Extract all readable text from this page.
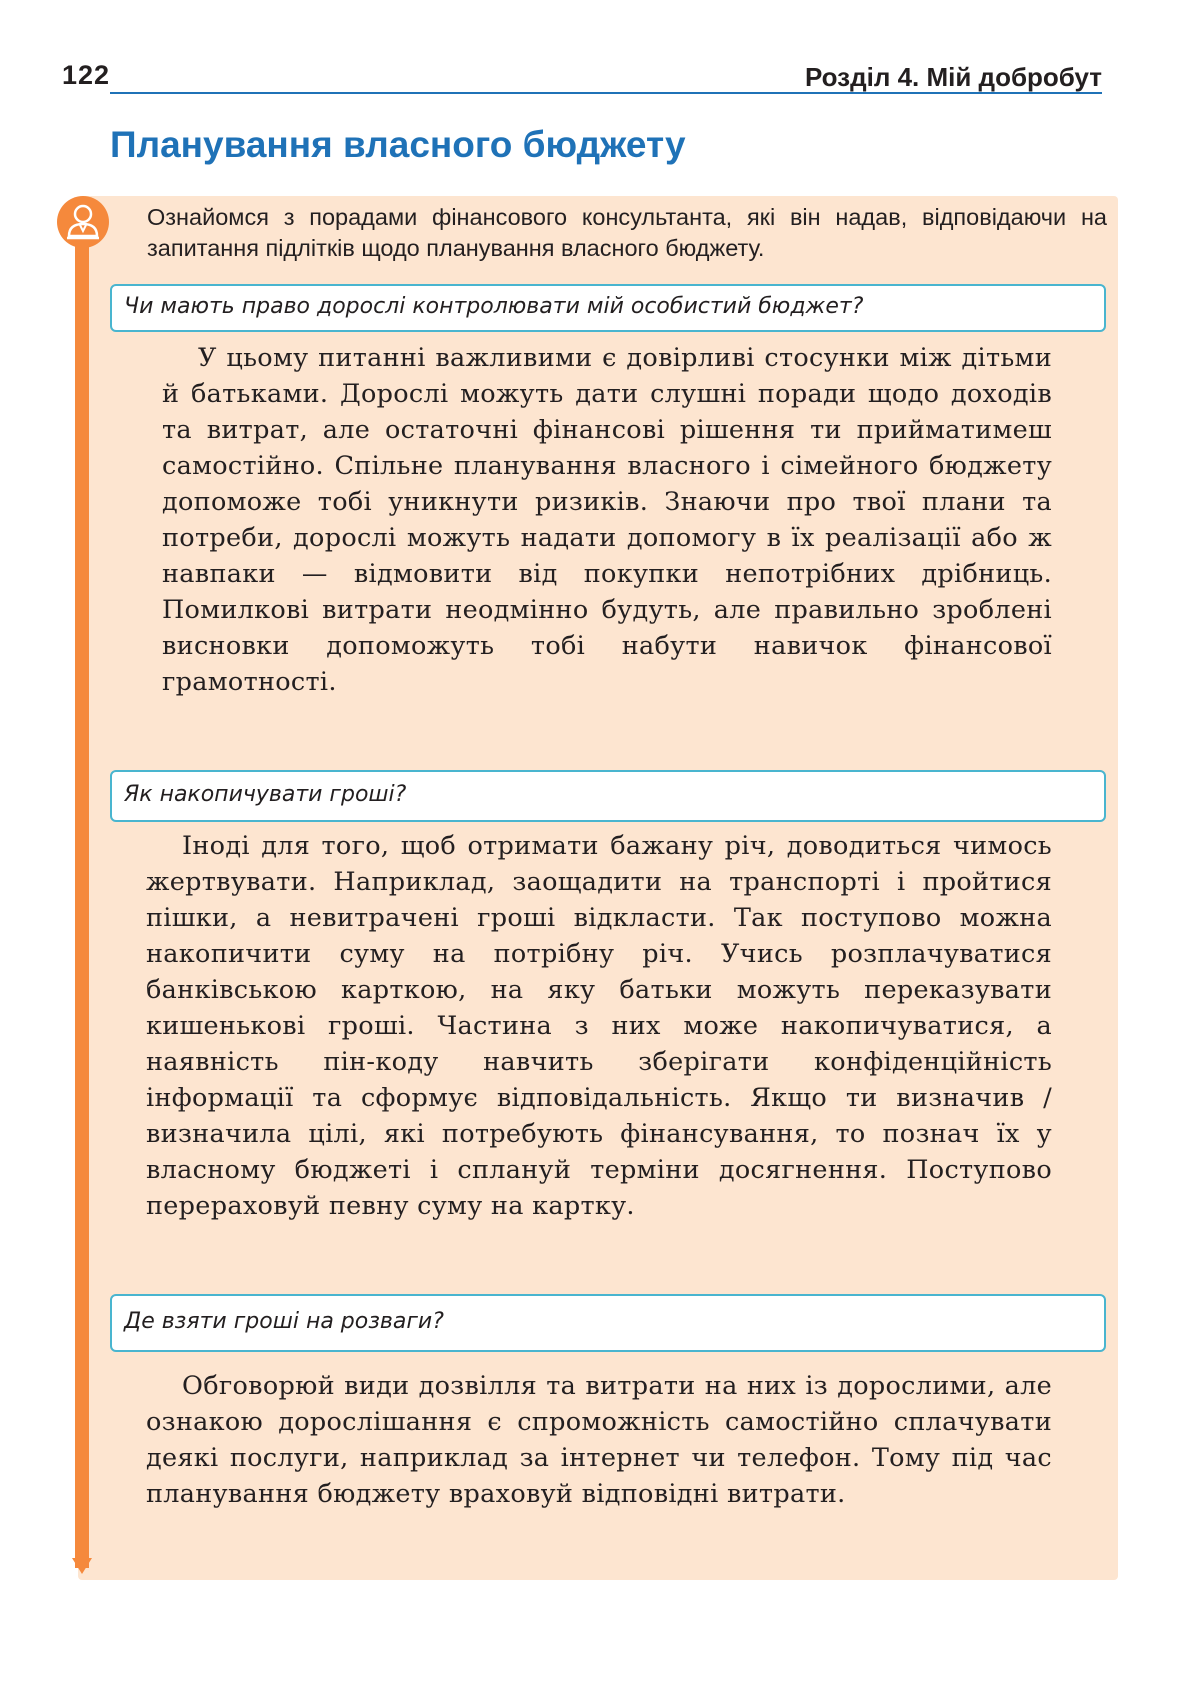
122	Розділ 4. Мій добробут
Планування власного бюджету

Ознайомся з порадами фінансового консультанта, які він надав, відповідаючи на запитання підлітків щодо планування власного бюджету.

Чи мають право дорослі контролювати мій особистий бюджет?

У цьому питанні важливими є довірливі стосунки між дітьми й батьками. Дорослі можуть дати слушні поради щодо доходів та витрат, але остаточні фінансові рішення ти прийматимеш самостійно. Спільне планування власного і сімейного бюджету допоможе тобі уникнути ризиків. Знаючи про твої плани та потреби, дорослі можуть надати допомогу в їх реалізації або ж навпаки — відмовити від покупки непотрібних дрібниць. Помилкові витрати неодмінно будуть, але правильно зроблені висновки допоможуть тобі набути навичок фінансової грамотності.

Як накопичувати гроші?

Іноді для того, щоб отримати бажану річ, доводиться чимось жертвувати. Наприклад, заощадити на транспорті і пройтися пішки, а невитрачені гроші відкласти. Так поступово можна накопичити суму на потрібну річ. Учись розплачуватися банківською карткою, на яку батьки можуть переказувати кишенькові гроші. Частина з них може накопичуватися, а наявність пін-коду навчить зберігати конфіденційність інформації та сформує відповідальність. Якщо ти визначив / визначила цілі, які потребують фінансування, то познач їх у власному бюджеті і сплануй терміни досягнення. Поступово перераховуй певну суму на картку.

Де взяти гроші на розваги?

Обговорюй види дозвілля та витрати на них із дорослими, але ознакою дорослішання є спроможність самостійно сплачувати деякі послуги, наприклад за інтернет чи телефон. Тому під час планування бюджету враховуй відповідні витрати.
